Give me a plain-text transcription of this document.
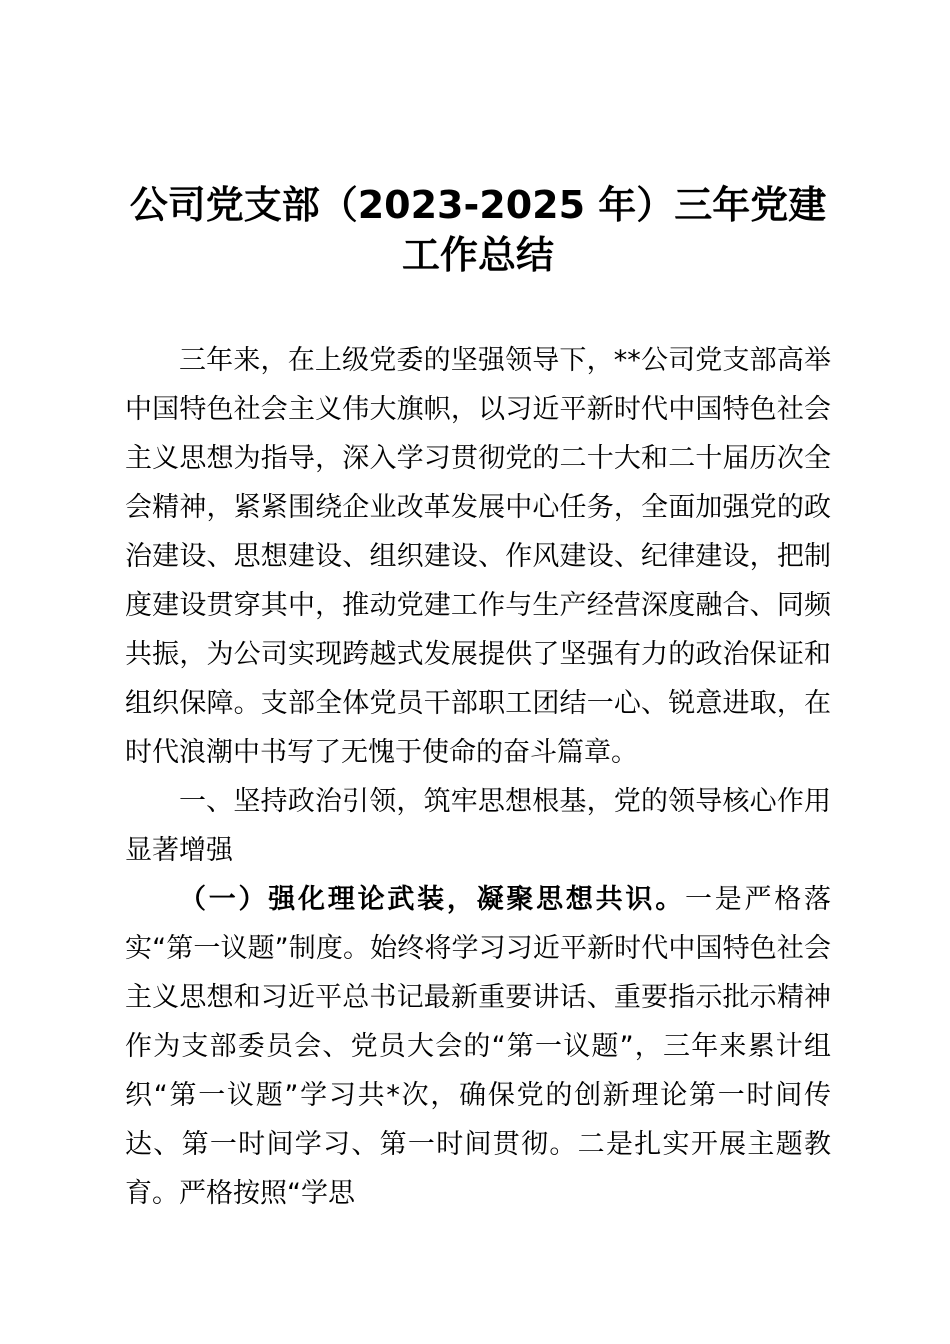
公司党支部（2023-2025 年）三年党建
工作总结

三年来，在上级党委的坚强领导下，**公司党支部高举中国特色社会主义伟大旗帜，以习近平新时代中国特色社会主义思想为指导，深入学习贯彻党的二十大和二十届历次全会精神，紧紧围绕企业改革发展中心任务，全面加强党的政治建设、思想建设、组织建设、作风建设、纪律建设，把制度建设贯穿其中，推动党建工作与生产经营深度融合、同频共振，为公司实现跨越式发展提供了坚强有力的政治保证和组织保障。支部全体党员干部职工团结一心、锐意进取，在时代浪潮中书写了无愧于使命的奋斗篇章。

一、坚持政治引领，筑牢思想根基，党的领导核心作用显著增强

（一）强化理论武装，凝聚思想共识。一是严格落实“第一议题”制度。始终将学习习近平新时代中国特色社会主义思想和习近平总书记最新重要讲话、重要指示批示精神作为支部委员会、党员大会的“第一议题”，三年来累计组织“第一议题”学习共*次，确保党的创新理论第一时间传达、第一时间学习、第一时间贯彻。二是扎实开展主题教育。严格按照“学思
